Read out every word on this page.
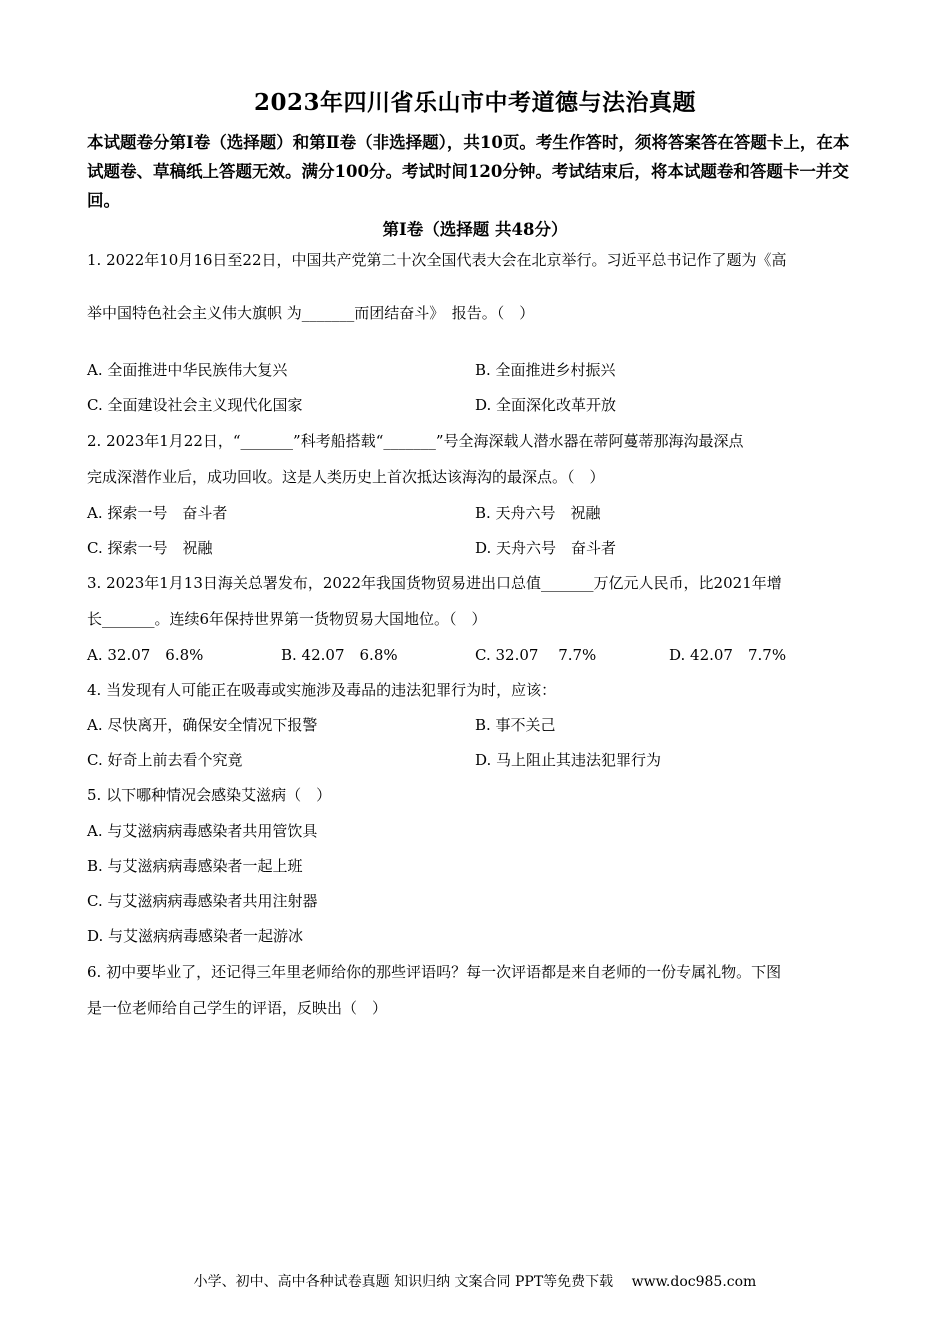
2023年四川省乐山市中考道德与法治真题
本试题卷分第Ⅰ卷（选择题）和第Ⅱ卷（非选择题），共10页。考生作答时，须将答案答在答题卡上，在本试题卷、草稿纸上答题无效。满分100分。考试时间120分钟。考试结束后，将本试题卷和答题卡一并交回。
第Ⅰ卷（选择题 共48分）
1. 2022年10月16日至22日，中国共产党第二十次全国代表大会在北京举行。习近平总书记作了题为《高
举中国特色社会主义伟大旗帜 为_______而团结奋斗》　报告。（　）
A. 全面推进中华民族伟大复兴	B. 全面推进乡村振兴
C. 全面建设社会主义现代化国家	D. 全面深化改革开放
2. 2023年1月22日，“_______”科考船搭载“_______”号全海深载人潜水器在蒂阿蔓蒂那海沟最深点
完成深潜作业后，成功回收。这是人类历史上首次抵达该海沟的最深点。（　）
A. 探索一号　奋斗者	B. 天舟六号　祝融
C. 探索一号　祝融	D. 天舟六号　奋斗者
3. 2023年1月13日海关总署发布，2022年我国货物贸易进出口总值_______万亿元人民币，比2021年增
长_______。连续6年保持世界第一货物贸易大国地位。（　）
A. 32.07　6.8%	B. 42.07　6.8%	C. 32.07　 7.7%	D. 42.07　7.7%
4. 当发现有人可能正在吸毒或实施涉及毒品的违法犯罪行为时，应该：
A. 尽快离开，确保安全情况下报警	B. 事不关己
C. 好奇上前去看个究竟	D. 马上阻止其违法犯罪行为
5. 以下哪种情况会感染艾滋病（　）
A. 与艾滋病病毒感染者共用管饮具
B. 与艾滋病病毒感染者一起上班
C. 与艾滋病病毒感染者共用注射器
D. 与艾滋病病毒感染者一起游冰
6. 初中要毕业了，还记得三年里老师给你的那些评语吗？每一次评语都是来自老师的一份专属礼物。下图
是一位老师给自己学生的评语，反映出（　）
小学、初中、高中各种试卷真题 知识归纳 文案合同 PPT等免费下载　 www.doc985.com
